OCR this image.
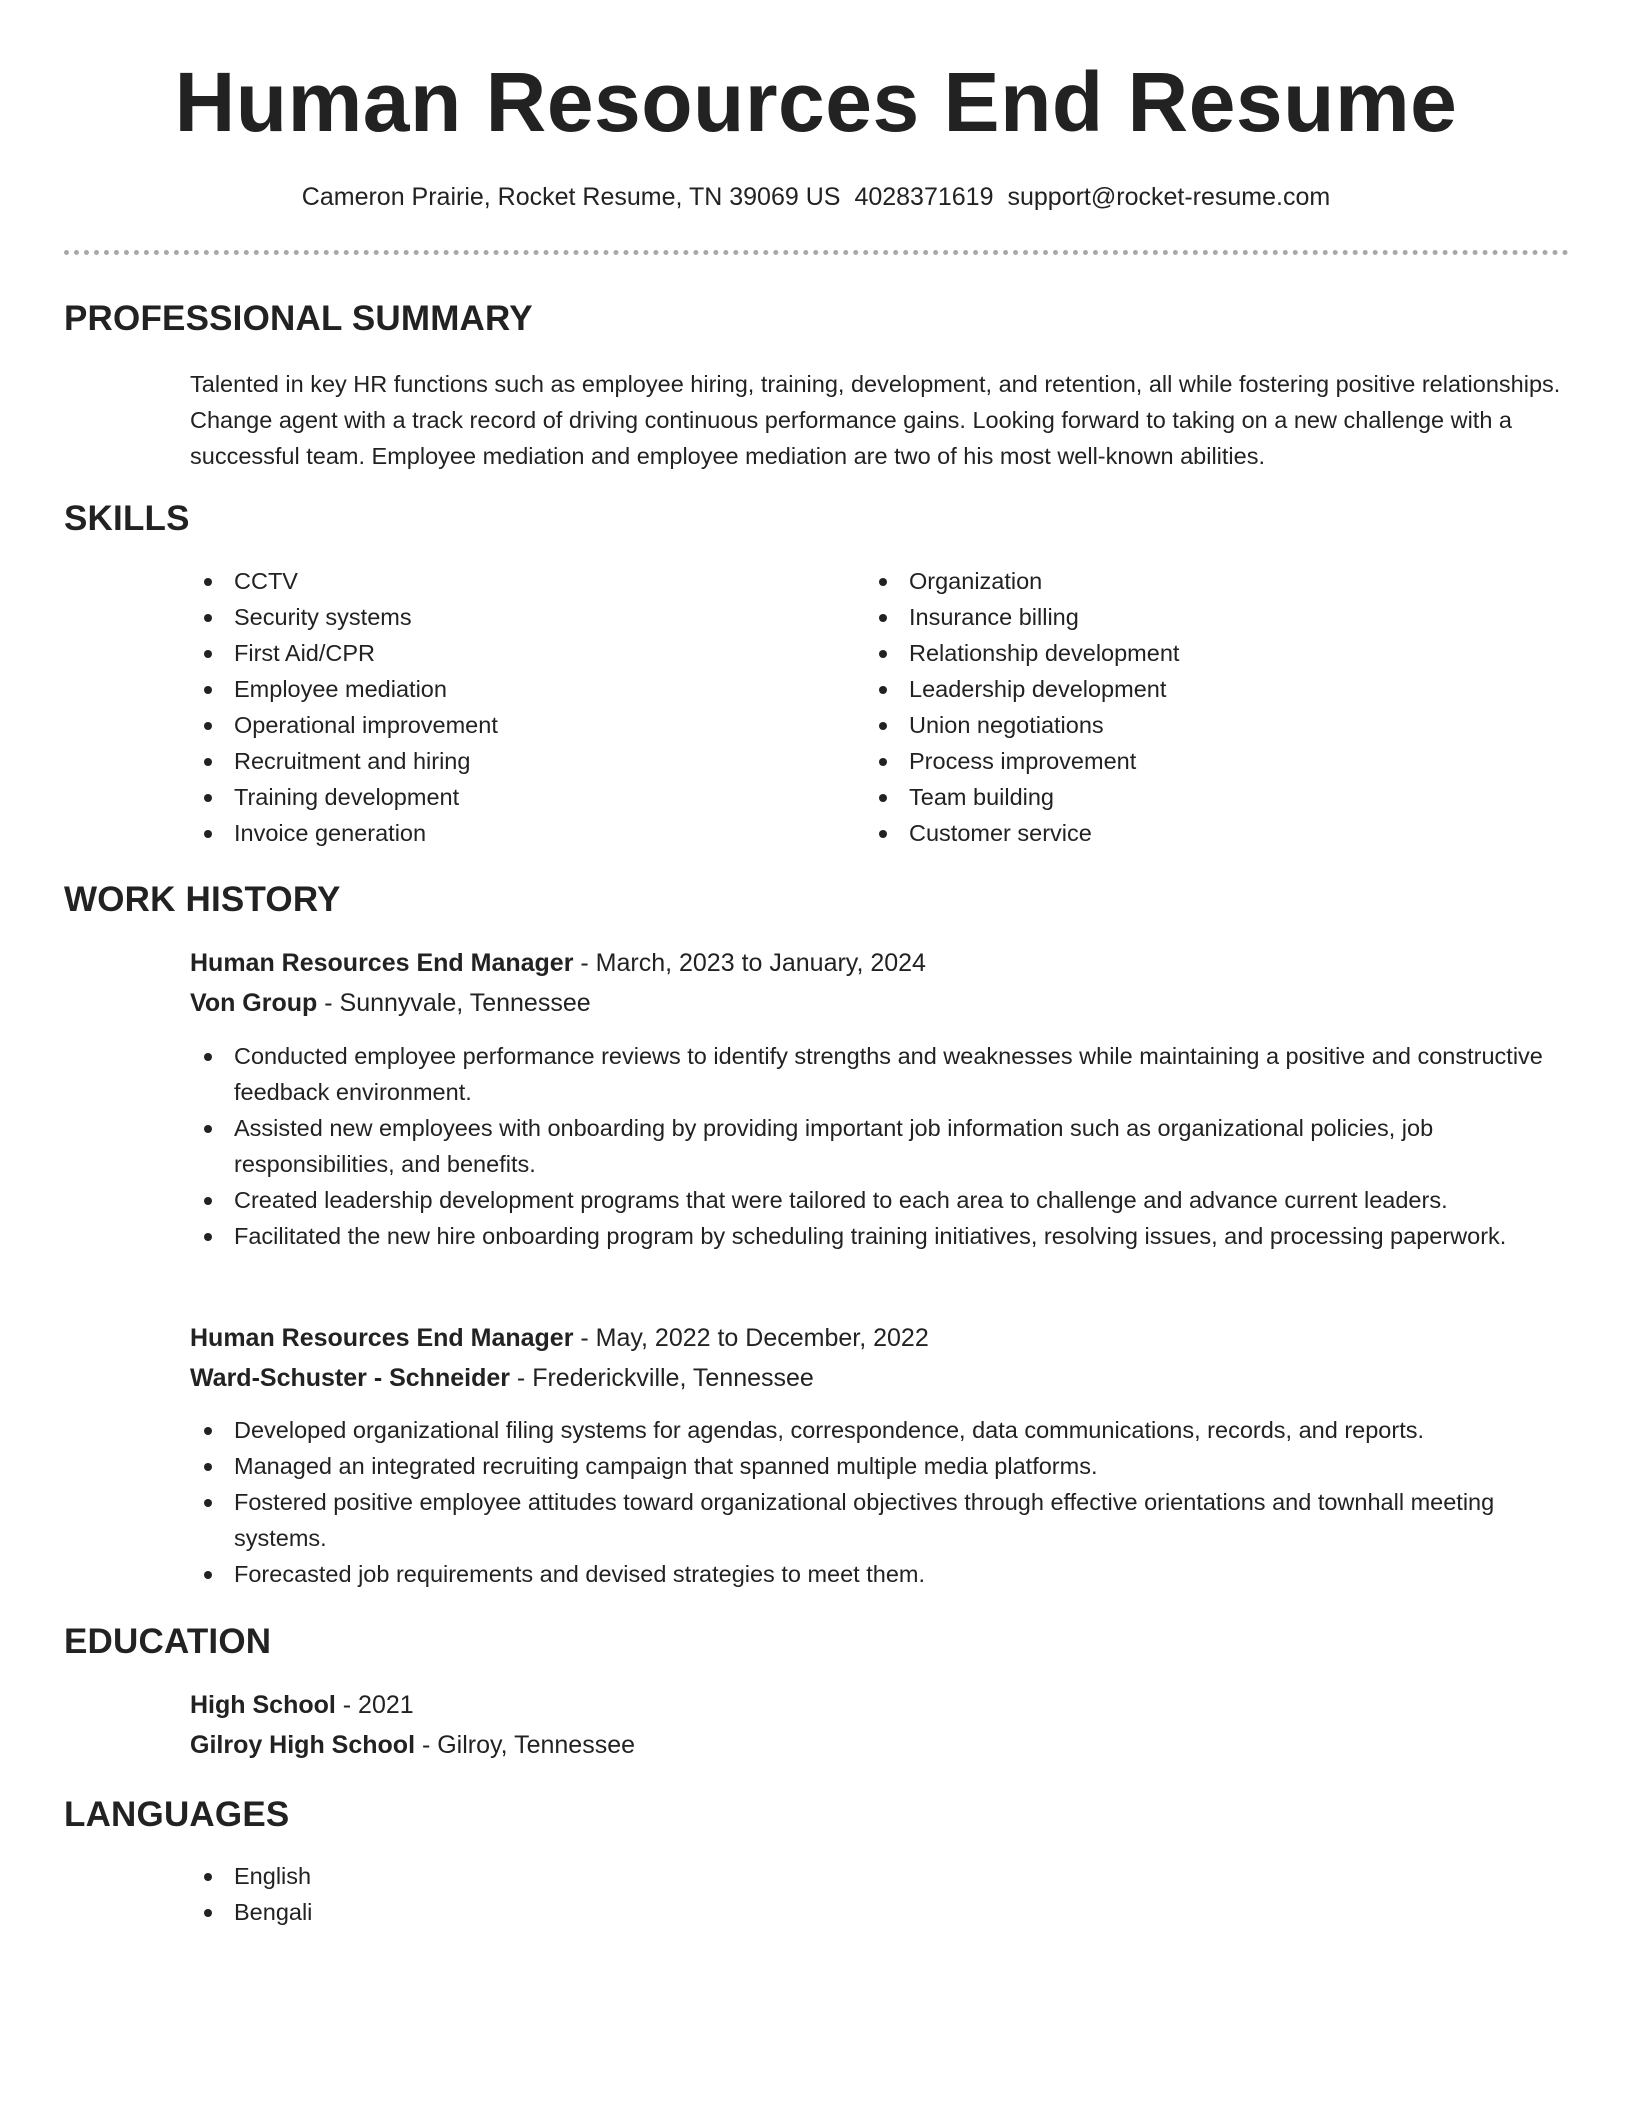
Human Resources End Resume
Cameron Prairie, Rocket Resume, TN 39069 US 4028371619 support@rocket-resume.com
PROFESSIONAL SUMMARY

Talented in key HR functions such as employee hiring, training, development, and retention, all while fostering positive relationships. Change agent with a track record of driving continuous performance gains. Looking forward to taking on a new challenge with a successful team. Employee mediation and employee mediation are two of his most well-known abilities.

SKILLS
CCTV
Security systems
First Aid/CPR
Employee mediation
Operational improvement
Recruitment and hiring
Training development
Invoice generation
Organization
Insurance billing
Relationship development
Leadership development
Union negotiations
Process improvement
Team building
Customer service
WORK HISTORY
Human Resources End Manager - March, 2023 to January, 2024
Von Group - Sunnyvale, Tennessee
Conducted employee performance reviews to identify strengths and weaknesses while maintaining a positive and constructive feedback environment.
Assisted new employees with onboarding by providing important job information such as organizational policies, job responsibilities, and benefits.
Created leadership development programs that were tailored to each area to challenge and advance current leaders.
Facilitated the new hire onboarding program by scheduling training initiatives, resolving issues, and processing paperwork.
Human Resources End Manager - May, 2022 to December, 2022
Ward-Schuster - Schneider - Frederickville, Tennessee
Developed organizational filing systems for agendas, correspondence, data communications, records, and reports.
Managed an integrated recruiting campaign that spanned multiple media platforms.
Fostered positive employee attitudes toward organizational objectives through effective orientations and townhall meeting systems.
Forecasted job requirements and devised strategies to meet them.
EDUCATION
High School - 2021
Gilroy High School - Gilroy, Tennessee
LANGUAGES
English
Bengali
